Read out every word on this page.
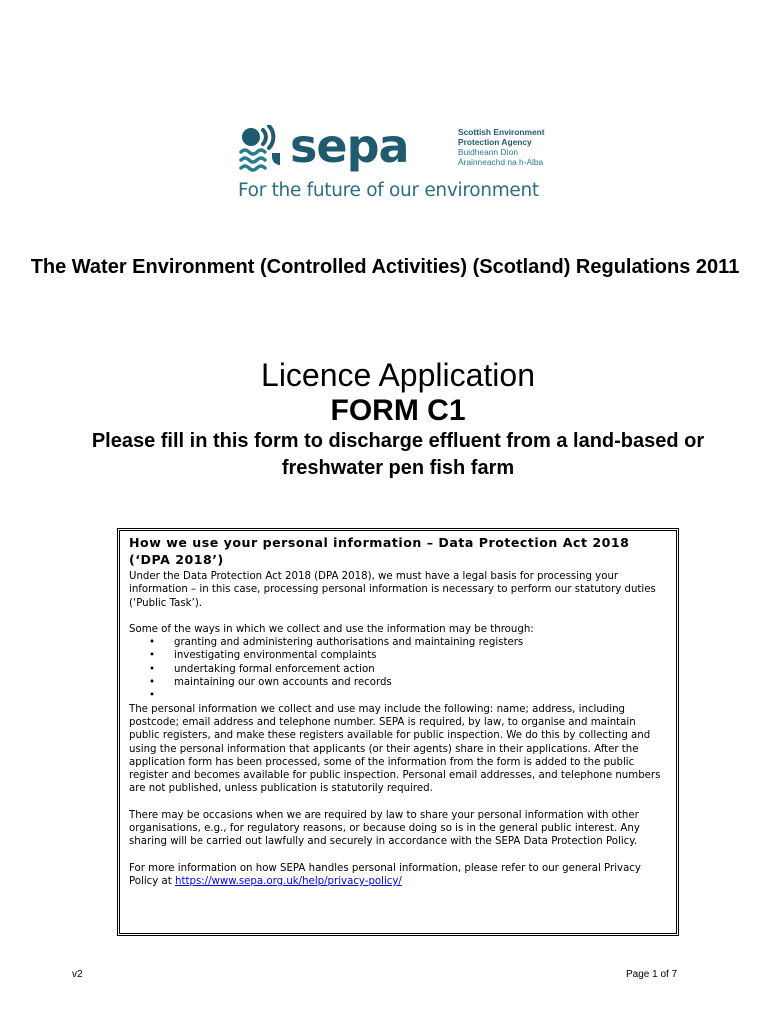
sepa	Scottish Environment
Protection Agency
Buidheann Dìon
Àrainneachd na h-Alba
For the future of our environment
The Water Environment (Controlled Activities) (Scotland) Regulations 2011
Licence Application
FORM C1
Please fill in this form to discharge effluent from a land-based or freshwater pen fish farm
How we use your personal information – Data Protection Act 2018 (‘DPA 2018’)

Under the Data Protection Act 2018 (DPA 2018), we must have a legal basis for processing your information – in this case, processing personal information is necessary to perform our statutory duties (‘Public Task’).

Some of the ways in which we collect and use the information may be through:
• granting and administering authorisations and maintaining registers
• investigating environmental complaints
• undertaking formal enforcement action
• maintaining our own accounts and records
•

The personal information we collect and use may include the following: name; address, including postcode; email address and telephone number. SEPA is required, by law, to organise and maintain public registers, and make these registers available for public inspection. We do this by collecting and using the personal information that applicants (or their agents) share in their applications. After the application form has been processed, some of the information from the form is added to the public register and becomes available for public inspection. Personal email addresses, and telephone numbers are not published, unless publication is statutorily required.

There may be occasions when we are required by law to share your personal information with other organisations, e.g., for regulatory reasons, or because doing so is in the general public interest. Any sharing will be carried out lawfully and securely in accordance with the SEPA Data Protection Policy.

For more information on how SEPA handles personal information, please refer to our general Privacy Policy at https://www.sepa.org.uk/help/privacy-policy/

v2	Page 1 of 7
